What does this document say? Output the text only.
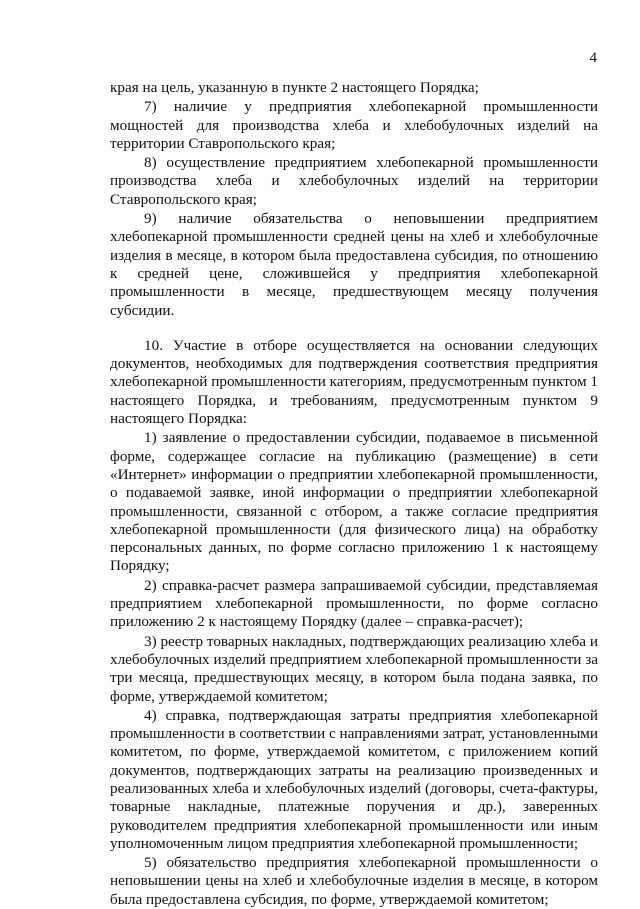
4

края на цель, указанную в пункте 2 настоящего Порядка;

7) наличие у предприятия хлебопекарной промышленности мощностей для производства хлеба и хлебобулочных изделий на территории Ставропольского края;

8) осуществление предприятием хлебопекарной промышленности производства хлеба и хлебобулочных изделий на территории Ставропольского края;

9) наличие обязательства о неповышении предприятием хлебопекарной промышленности средней цены на хлеб и хлебобулочные изделия в месяце, в котором была предоставлена субсидия, по отношению к средней цене, сложившейся у предприятия хлебопекарной промышленности в месяце, предшествующем месяцу получения субсидии.

10. Участие в отборе осуществляется на основании следующих документов, необходимых для подтверждения соответствия предприятия хлебопекарной промышленности категориям, предусмотренным пунктом 1 настоящего Порядка, и требованиям, предусмотренным пунктом 9 настоящего Порядка:

1) заявление о предоставлении субсидии, подаваемое в письменной форме, содержащее согласие на публикацию (размещение) в сети «Интернет» информации о предприятии хлебопекарной промышленности, о подаваемой заявке, иной информации о предприятии хлебопекарной промышленности, связанной с отбором, а также согласие предприятия хлебопекарной промышленности (для физического лица) на обработку персональных данных, по форме согласно приложению 1 к настоящему Порядку;

2) справка-расчет размера запрашиваемой субсидии, представляемая предприятием хлебопекарной промышленности, по форме согласно приложению 2 к настоящему Порядку (далее – справка-расчет);

3) реестр товарных накладных, подтверждающих реализацию хлеба и хлебобулочных изделий предприятием хлебопекарной промышленности за три месяца, предшествующих месяцу, в котором была подана заявка, по форме, утверждаемой комитетом;

4) справка, подтверждающая затраты предприятия хлебопекарной промышленности в соответствии с направлениями затрат, установленными комитетом, по форме, утверждаемой комитетом, с приложением копий документов, подтверждающих затраты на реализацию произведенных и реализованных хлеба и хлебобулочных изделий (договоры, счета-фактуры, товарные накладные, платежные поручения и др.), заверенных руководителем предприятия хлебопекарной промышленности или иным уполномоченным лицом предприятия хлебопекарной промышленности;

5) обязательство предприятия хлебопекарной промышленности о неповышении цены на хлеб и хлебобулочные изделия в месяце, в котором была предоставлена субсидия, по форме, утверждаемой комитетом;
